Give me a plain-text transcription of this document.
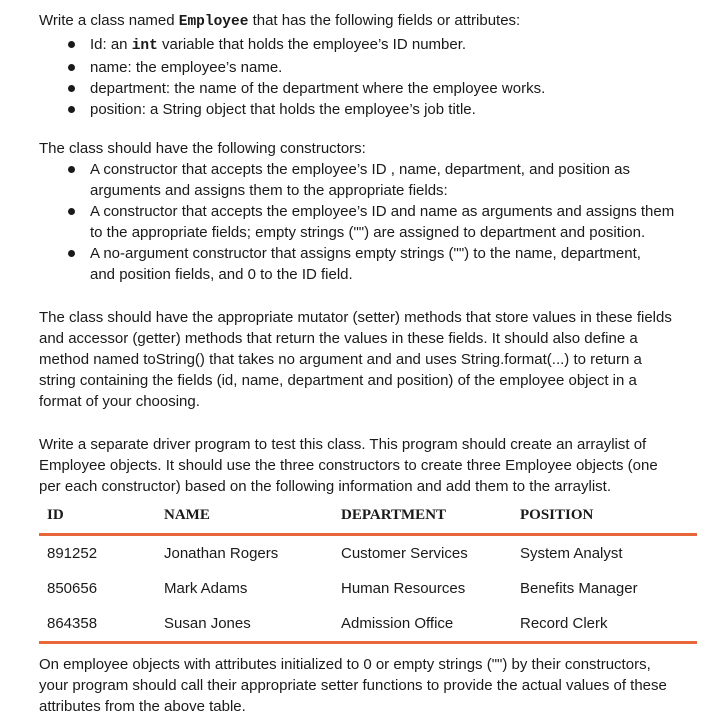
Write a class named Employee that has the following fields or attributes:

Id: an int variable that holds the employee’s ID number.
name: the employee’s name.
department: the name of the department where the employee works.
position: a String object that holds the employee’s job title.

The class should have the following constructors:

A constructor that accepts the employee’s ID , name, department, and position as
arguments and assigns them to the appropriate fields:
A constructor that accepts the employee’s ID and name as arguments and assigns them
to the appropriate fields; empty strings ("") are assigned to department and position.
A no-argument constructor that assigns empty strings ("") to the name, department,
and position fields, and 0 to the ID field.

The class should have the appropriate mutator (setter) methods that store values in these fields
and accessor (getter) methods that return the values in these fields. It should also define a
method named toString() that takes no argument and and uses String.format(...) to return a
string containing the fields (id, name, department and position) of the employee object in a
format of your choosing.

Write a separate driver program to test this class. This program should create an arraylist of
Employee objects. It should use the three constructors to create three Employee objects (one
per each constructor) based on the following information and add them to the arraylist.

ID	NAME	DEPARTMENT	POSITION
891252	Jonathan Rogers	Customer Services	System Analyst
850656	Mark Adams	Human Resources	Benefits Manager
864358	Susan Jones	Admission Office	Record Clerk

On employee objects with attributes initialized to 0 or empty strings ("") by their constructors,
your program should call their appropriate setter functions to provide the actual values of these
attributes from the above table.
